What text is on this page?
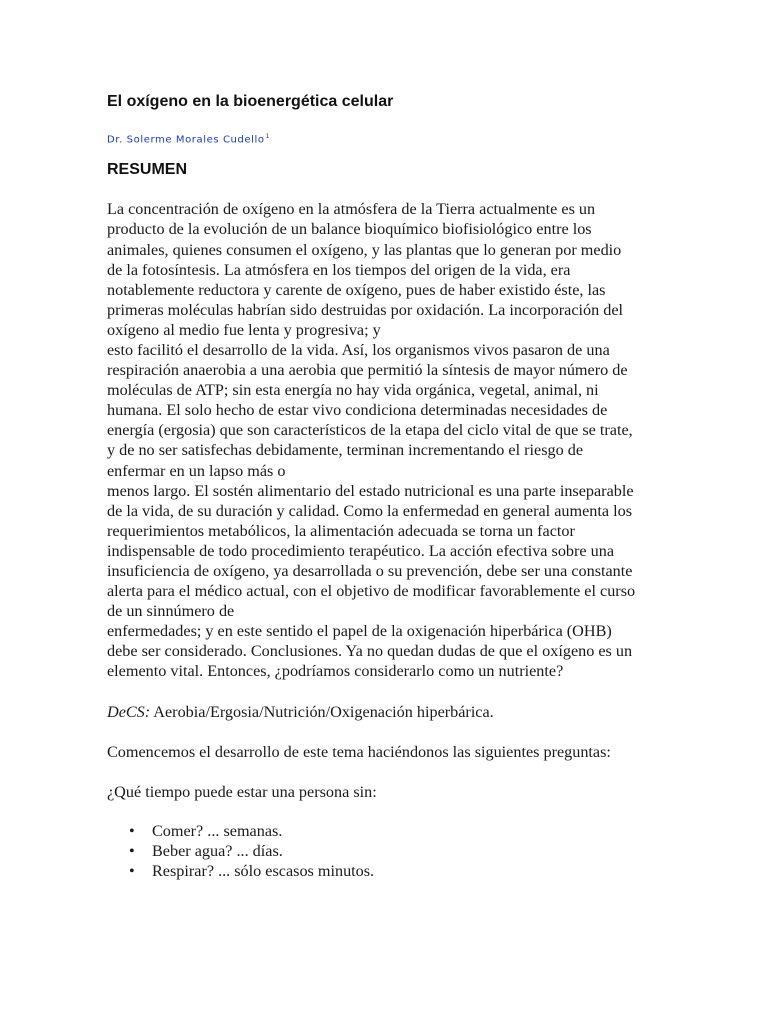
El oxígeno en la bioenergética celular
Dr. Solerme Morales Cudello$^1$
RESUMEN
La concentración de oxígeno en la atmósfera de la Tierra actualmente es un
producto de la evolución de un balance bioquímico biofisiológico entre los
animales, quienes consumen el oxígeno, y las plantas que lo generan por medio
de la fotosíntesis. La atmósfera en los tiempos del origen de la vida, era
notablemente reductora y carente de oxígeno, pues de haber existido éste, las
primeras moléculas habrían sido destruidas por oxidación. La incorporación del
oxígeno al medio fue lenta y progresiva; y
esto facilitó el desarrollo de la vida. Así, los organismos vivos pasaron de una
respiración anaerobia a una aerobia que permitió la síntesis de mayor número de
moléculas de ATP; sin esta energía no hay vida orgánica, vegetal, animal, ni
humana. El solo hecho de estar vivo condiciona determinadas necesidades de
energía (ergosia) que son característicos de la etapa del ciclo vital de que se trate,
y de no ser satisfechas debidamente, terminan incrementando el riesgo de
enfermar en un lapso más o
menos largo. El sostén alimentario del estado nutricional es una parte inseparable
de la vida, de su duración y calidad. Como la enfermedad en general aumenta los
requerimientos metabólicos, la alimentación adecuada se torna un factor
indispensable de todo procedimiento terapéutico. La acción efectiva sobre una
insuficiencia de oxígeno, ya desarrollada o su prevención, debe ser una constante
alerta para el médico actual, con el objetivo de modificar favorablemente el curso
de un sinnúmero de
enfermedades; y en este sentido el papel de la oxigenación hiperbárica (OHB)
debe ser considerado. Conclusiones. Ya no quedan dudas de que el oxígeno es un
elemento vital. Entonces, ¿podríamos considerarlo como un nutriente?
DeCS: Aerobia/Ergosia/Nutrición/Oxigenación hiperbárica.
Comencemos el desarrollo de este tema haciéndonos las siguientes preguntas:
¿Qué tiempo puede estar una persona sin:
• Comer? ... semanas.
• Beber agua? ... días.
• Respirar? ... sólo escasos minutos.
